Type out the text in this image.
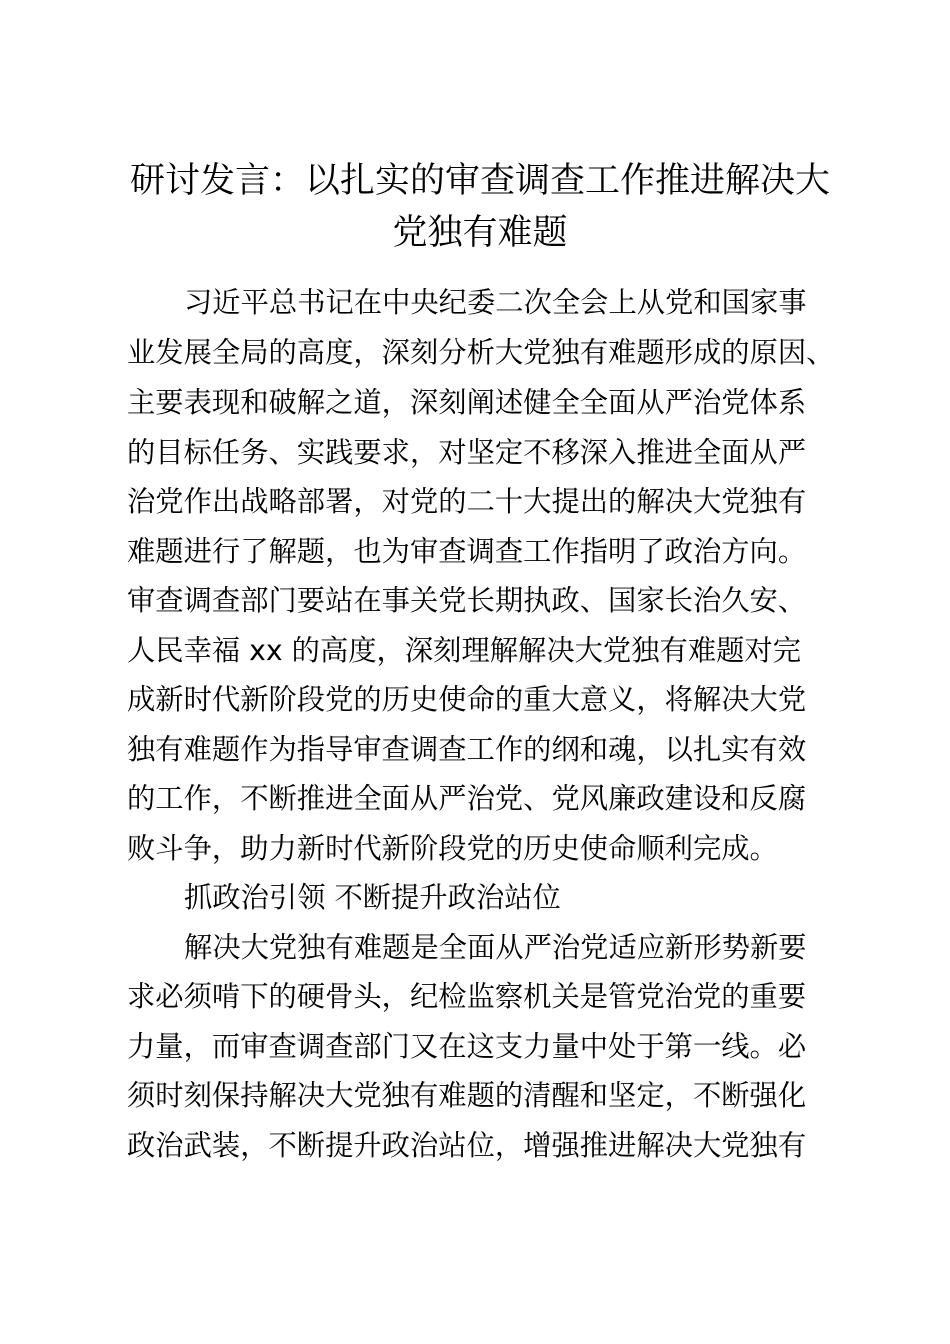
研讨发言：以扎实的审查调查工作推进解决大
党独有难题

习近平总书记在中央纪委二次全会上从党和国家事

业发展全局的高度，深刻分析大党独有难题形成的原因、

主要表现和破解之道，深刻阐述健全全面从严治党体系

的目标任务、实践要求，对坚定不移深入推进全面从严

治党作出战略部署，对党的二十大提出的解决大党独有

难题进行了解题，也为审查调查工作指明了政治方向。

审查调查部门要站在事关党长期执政、国家长治久安、

人民幸福 xx 的高度，深刻理解解决大党独有难题对完

成新时代新阶段党的历史使命的重大意义，将解决大党

独有难题作为指导审查调查工作的纲和魂，以扎实有效

的工作，不断推进全面从严治党、党风廉政建设和反腐

败斗争，助力新时代新阶段党的历史使命顺利完成。

抓政治引领 不断提升政治站位

解决大党独有难题是全面从严治党适应新形势新要

求必须啃下的硬骨头，纪检监察机关是管党治党的重要

力量，而审查调查部门又在这支力量中处于第一线。必

须时刻保持解决大党独有难题的清醒和坚定，不断强化

政治武装，不断提升政治站位，增强推进解决大党独有
